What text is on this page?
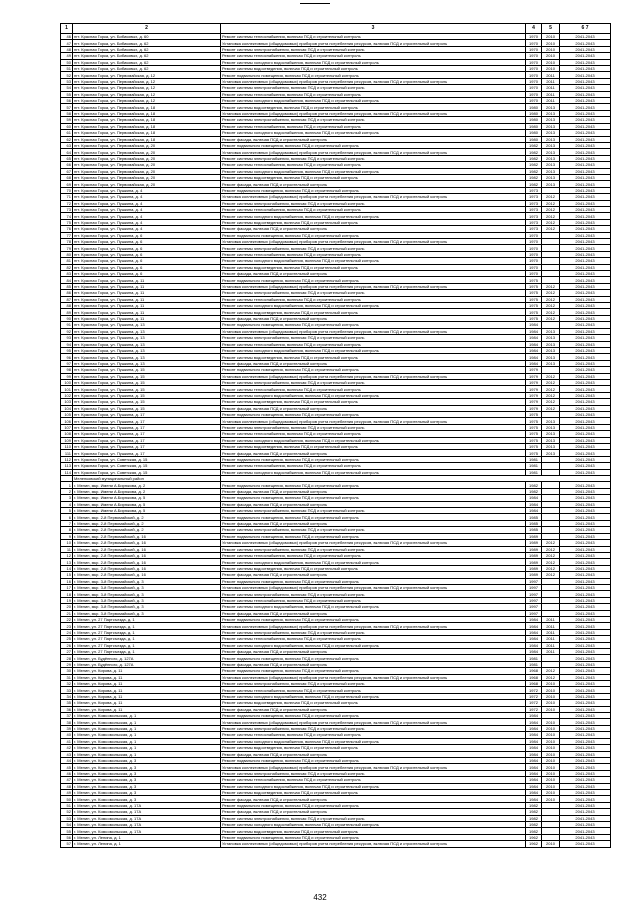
1	2	3	4	5	6 7
46	пгт. Красная Горка, ул. Бибиковых, д. 60	Ремонт системы теплоснабжения, включая ПСД и строительный контроль	1970	2010	2041-2043
47	пгт. Красная Горка, ул. Бибиковых, д. 62	Установка коллективных (общедомовых) приборов учета потребления ресурсов, включая ПСД и строительный контроль	1970	2010	2041-2043
48	пгт. Красная Горка, ул. Бибиковых, д. 62	Ремонт системы электроснабжения, включая ПСД и строительный контроль	1970	2010	2041-2043
49	пгт. Красная Горка, ул. Бибиковых, д. 62	Ремонт системы теплоснабжения, включая ПСД и строительный контроль	1970	2010	2041-2043
50	пгт. Красная Горка, ул. Бибиковых, д. 62	Ремонт системы холодного водоснабжения, включая ПСД и строительный контроль	1970	2010	2041-2043
51	пгт. Красная Горка, ул. Бибиковых, д. 62	Ремонт системы водоотведения, включая ПСД и строительный контроль	1970	2010	2041-2043
52	пгт. Красная Горка, ул. Первомайская, д. 12	Ремонт подвального помещения, включая ПСД и строительный контроль	1970	2011	2041-2043
53	пгт. Красная Горка, ул. Первомайская, д. 12	Установка коллективных (общедомовых) приборов учета потребления ресурсов, включая ПСД и строительный контроль	1970	2011	2041-2043
54	пгт. Красная Горка, ул. Первомайская, д. 12	Ремонт системы электроснабжения, включая ПСД и строительный контроль	1970	2011	2041-2043
55	пгт. Красная Горка, ул. Первомайская, д. 12	Ремонт системы теплоснабжения, включая ПСД и строительный контроль	1970	2011	2041-2043
56	пгт. Красная Горка, ул. Первомайская, д. 12	Ремонт системы холодного водоснабжения, включая ПСД и строительный контроль	1970	2011	2041-2043
57	пгт. Красная Горка, ул. Первомайская, д. 18	Ремонт системы водоотведения, включая ПСД и строительный контроль	1980	2013	2041-2043
58	пгт. Красная Горка, ул. Первомайская, д. 18	Установка коллективных (общедомовых) приборов учета потребления ресурсов, включая ПСД и строительный контроль	1980	2013	2041-2043
59	пгт. Красная Горка, ул. Первомайская, д. 18	Ремонт системы электроснабжения, включая ПСД и строительный контроль	1980	2013	2041-2043
60	пгт. Красная Горка, ул. Первомайская, д. 18	Ремонт системы теплоснабжения, включая ПСД и строительный контроль	1980	2013	2041-2043
61	пгт. Красная Горка, ул. Первомайская, д. 18	Ремонт системы холодного водоснабжения, включая ПСД и строительный контроль	1980	2013	2041-2043
62	пгт. Красная Горка, ул. Первомайская, д. 18	Ремонт фасада, включая ПСД и строительный контроль	1980	2013	2041-2043
63	пгт. Красная Горка, ул. Первомайская, д. 20	Ремонт подвального помещения, включая ПСД и строительный контроль	1982	2013	2041-2043
64	пгт. Красная Горка, ул. Первомайская, д. 20	Установка коллективных (общедомовых) приборов учета потребления ресурсов, включая ПСД и строительный контроль	1982	2013	2041-2043
65	пгт. Красная Горка, ул. Первомайская, д. 20	Ремонт системы электроснабжения, включая ПСД и строительный контроль	1982	2013	2041-2043
66	пгт. Красная Горка, ул. Первомайская, д. 20	Ремонт системы теплоснабжения, включая ПСД и строительный контроль	1982	2013	2041-2043
67	пгт. Красная Горка, ул. Первомайская, д. 20	Ремонт системы холодного водоснабжения, включая ПСД и строительный контроль	1982	2013	2041-2043
68	пгт. Красная Горка, ул. Первомайская, д. 20	Ремонт системы водоотведения, включая ПСД и строительный контроль	1982	2013	2041-2043
69	пгт. Красная Горка, ул. Первомайская, д. 20	Ремонт фасада, включая ПСД и строительный контроль	1982	2013	2041-2043
70	пгт. Красная Горка, ул. Пушкина, д. 4	Ремонт подвального помещения, включая ПСД и строительный контроль	1973		2041-2043
71	пгт. Красная Горка, ул. Пушкина, д. 4	Установка коллективных (общедомовых) приборов учета потребления ресурсов, включая ПСД и строительный контроль	1973	2012	2041-2043
72	пгт. Красная Горка, ул. Пушкина, д. 4	Ремонт системы электроснабжения, включая ПСД и строительный контроль	1973	2012	2041-2043
73	пгт. Красная Горка, ул. Пушкина, д. 4	Ремонт системы теплоснабжения, включая ПСД и строительный контроль	1973	2012	2041-2043
74	пгт. Красная Горка, ул. Пушкина, д. 4	Ремонт системы холодного водоснабжения, включая ПСД и строительный контроль	1973	2012	2041-2043
75	пгт. Красная Горка, ул. Пушкина, д. 4	Ремонт системы водоотведения, включая ПСД и строительный контроль	1973	2012	2041-2043
76	пгт. Красная Горка, ул. Пушкина, д. 4	Ремонт фасада, включая ПСД и строительный контроль	1973	2012	2041-2043
77	пгт. Красная Горка, ул. Пушкина, д. 6	Ремонт подвального помещения, включая ПСД и строительный контроль	1970		2041-2043
78	пгт. Красная Горка, ул. Пушкина, д. 6	Установка коллективных (общедомовых) приборов учета потребления ресурсов, включая ПСД и строительный контроль	1970		2041-2043
79	пгт. Красная Горка, ул. Пушкина, д. 6	Ремонт системы электроснабжения, включая ПСД и строительный контроль	1970		2041-2043
80	пгт. Красная Горка, ул. Пушкина, д. 6	Ремонт системы теплоснабжения, включая ПСД и строительный контроль	1970		2041-2043
81	пгт. Красная Горка, ул. Пушкина, д. 6	Ремонт системы холодного водоснабжения, включая ПСД и строительный контроль	1970		2041-2043
82	пгт. Красная Горка, ул. Пушкина, д. 6	Ремонт системы водоотведения, включая ПСД и строительный контроль	1970		2041-2043
83	пгт. Красная Горка, ул. Пушкина, д. 6	Ремонт фасада, включая ПСД и строительный контроль	1970		2041-2043
84	пгт. Красная Горка, ул. Пушкина, д. 11	Ремонт подвального помещения, включая ПСД и строительный контроль	1975		2041-2043
85	пгт. Красная Горка, ул. Пушкина, д. 11	Установка коллективных (общедомовых) приборов учета потребления ресурсов, включая ПСД и строительный контроль	1975	2012	2041-2043
86	пгт. Красная Горка, ул. Пушкина, д. 11	Ремонт системы электроснабжения, включая ПСД и строительный контроль	1975	2012	2041-2043
87	пгт. Красная Горка, ул. Пушкина, д. 11	Ремонт системы теплоснабжения, включая ПСД и строительный контроль	1975	2012	2041-2043
88	пгт. Красная Горка, ул. Пушкина, д. 11	Ремонт системы холодного водоснабжения, включая ПСД и строительный контроль	1975	2012	2041-2043
89	пгт. Красная Горка, ул. Пушкина, д. 11	Ремонт системы водоотведения, включая ПСД и строительный контроль	1975	2012	2041-2043
90	пгт. Красная Горка, ул. Пушкина, д. 11	Ремонт фасада, включая ПСД и строительный контроль	1975	2012	2041-2043
91	пгт. Красная Горка, ул. Пушкина, д. 13	Ремонт подвального помещения, включая ПСД и строительный контроль	1984		2041-2043
92	пгт. Красная Горка, ул. Пушкина, д. 13	Установка коллективных (общедомовых) приборов учета потребления ресурсов, включая ПСД и строительный контроль	1984	2013	2041-2043
93	пгт. Красная Горка, ул. Пушкина, д. 13	Ремонт системы электроснабжения, включая ПСД и строительный контроль	1984	2013	2041-2043
94	пгт. Красная Горка, ул. Пушкина, д. 13	Ремонт системы теплоснабжения, включая ПСД и строительный контроль	1984	2013	2041-2043
95	пгт. Красная Горка, ул. Пушкина, д. 13	Ремонт системы холодного водоснабжения, включая ПСД и строительный контроль	1984	2013	2041-2043
96	пгт. Красная Горка, ул. Пушкина, д. 13	Ремонт системы водоотведения, включая ПСД и строительный контроль	1984	2013	2041-2043
97	пгт. Красная Горка, ул. Пушкина, д. 13	Ремонт фасада, включая ПСД и строительный контроль	1984	2013	2041-2043
98	пгт. Красная Горка, ул. Пушкина, д. 15	Ремонт подвального помещения, включая ПСД и строительный контроль	1979		2041-2043
99	пгт. Красная Горка, ул. Пушкина, д. 15	Установка коллективных (общедомовых) приборов учета потребления ресурсов, включая ПСД и строительный контроль	1979	2012	2041-2043
100	пгт. Красная Горка, ул. Пушкина, д. 15	Ремонт системы электроснабжения, включая ПСД и строительный контроль	1979	2012	2041-2043
101	пгт. Красная Горка, ул. Пушкина, д. 15	Ремонт системы теплоснабжения, включая ПСД и строительный контроль	1979	2012	2041-2043
102	пгт. Красная Горка, ул. Пушкина, д. 15	Ремонт системы холодного водоснабжения, включая ПСД и строительный контроль	1979	2012	2041-2043
103	пгт. Красная Горка, ул. Пушкина, д. 15	Ремонт системы водоотведения, включая ПСД и строительный контроль	1979	2012	2041-2043
104	пгт. Красная Горка, ул. Пушкина, д. 15	Ремонт фасада, включая ПСД и строительный контроль	1979	2012	2041-2043
105	пгт. Красная Горка, ул. Пушкина, д. 17	Ремонт подвального помещения, включая ПСД и строительный контроль	1975		2041-2043
106	пгт. Красная Горка, ул. Пушкина, д. 17	Установка коллективных (общедомовых) приборов учета потребления ресурсов, включая ПСД и строительный контроль	1975	2013	2041-2043
107	пгт. Красная Горка, ул. Пушкина, д. 17	Ремонт системы электроснабжения, включая ПСД и строительный контроль	1975	2013	2041-2043
108	пгт. Красная Горка, ул. Пушкина, д. 17	Ремонт системы теплоснабжения, включая ПСД и строительный контроль	1975	2013	2041-2043
109	пгт. Красная Горка, ул. Пушкина, д. 17	Ремонт системы холодного водоснабжения, включая ПСД и строительный контроль	1975	2013	2041-2043
110	пгт. Красная Горка, ул. Пушкина, д. 17	Ремонт системы водоотведения, включая ПСД и строительный контроль	1975	2013	2041-2043
111	пгт. Красная Горка, ул. Пушкина, д. 17	Ремонт фасада, включая ПСД и строительный контроль	1975	2013	2041-2043
112	пгт. Красная Горка, ул. Советская, д. 15	Ремонт подвального помещения, включая ПСД и строительный контроль	1981		2041-2043
113	пгт. Красная Горка, ул. Советская, д. 15	Ремонт системы теплоснабжения, включая ПСД и строительный контроль	1981		2041-2043
114	пгт. Красная Горка, ул. Советская, д. 15	Ремонт системы холодного водоснабжения, включая ПСД и строительный контроль	1981		2041-2043
	Меленковский муниципальный район				
1	г. Мелин, мкр. Имени А.Бирюкова, д. 2	Ремонт подвального помещения, включая ПСД и строительный контроль	1982		2041-2043
2	г. Мелин, мкр. Имени А.Бирюкова, д. 2	Ремонт фасада, включая ПСД и строительный контроль	1982		2041-2043
3	г. Мелин, мкр. Имени А.Бирюкова, д. 5	Ремонт подвального помещения, включая ПСД и строительный контроль	1984		2041-2043
4	г. Мелин, мкр. Имени А.Бирюкова, д. 5	Ремонт фасада, включая ПСД и строительный контроль	1984		2041-2043
5	г. Мелин, мкр. Имени А.Бирюкова, д. 5	Ремонт системы электроснабжения, включая ПСД и строительный контроль	1984		2041-2043
6	г. Мелин, мкр. 2-й Первомайский, д. 2	Ремонт подвального помещения, включая ПСД и строительный контроль	1985		2041-2043
7	г. Мелин, мкр. 2-й Первомайский, д. 2	Ремонт фасада, включая ПСД и строительный контроль	1985		2041-2043
8	г. Мелин, мкр. 2-й Первомайский, д. 2	Ремонт системы электроснабжения, включая ПСД и строительный контроль	1985		2041-2043
9	г. Мелин, мкр. 2-й Первомайский, д. 16	Ремонт подвального помещения, включая ПСД и строительный контроль	1989		2041-2043
10	г. Мелин, мкр. 2-й Первомайский, д. 16	Установка коллективных (общедомовых) приборов учета потребления ресурсов, включая ПСД и строительный контроль	1989	2012	2041-2043
11	г. Мелин, мкр. 2-й Первомайский, д. 16	Ремонт системы электроснабжения, включая ПСД и строительный контроль	1989	2012	2041-2043
12	г. Мелин, мкр. 2-й Первомайский, д. 16	Ремонт системы теплоснабжения, включая ПСД и строительный контроль	1989	2012	2041-2043
13	г. Мелин, мкр. 2-й Первомайский, д. 16	Ремонт системы холодного водоснабжения, включая ПСД и строительный контроль	1989	2012	2041-2043
14	г. Мелин, мкр. 2-й Первомайский, д. 16	Ремонт системы водоотведения, включая ПСД и строительный контроль	1989	2012	2041-2043
15	г. Мелин, мкр. 2-й Первомайский, д. 16	Ремонт фасада, включая ПСД и строительный контроль	1989	2012	2041-2043
16	г. Мелин, мкр. 3-й Первомайский, д. 3	Ремонт подвального помещения, включая ПСД и строительный контроль	1997		2041-2043
17	г. Мелин, мкр. 3-й Первомайский, д. 3	Установка коллективных (общедомовых) приборов учета потребления ресурсов, включая ПСД и строительный контроль	1997		2041-2043
18	г. Мелин, мкр. 3-й Первомайский, д. 3	Ремонт системы электроснабжения, включая ПСД и строительный контроль	1997		2041-2043
19	г. Мелин, мкр. 3-й Первомайский, д. 3	Ремонт системы теплоснабжения, включая ПСД и строительный контроль	1997		2041-2043
20	г. Мелин, мкр. 3-й Первомайский, д. 3	Ремонт системы холодного водоснабжения, включая ПСД и строительный контроль	1997		2041-2043
21	г. Мелин, мкр. 3-й Первомайский, д. 3	Ремонт фасада, включая ПСД и строительный контроль	1997		2041-2043
22	г. Мелин, ул. 27 Партсъезда, д. 1	Ремонт подвального помещения, включая ПСД и строительный контроль	1984	2011	2041-2043
23	г. Мелин, ул. 27 Партсъезда, д. 1	Установка коллективных (общедомовых) приборов учета потребления ресурсов, включая ПСД и строительный контроль	1984	2011	2041-2043
24	г. Мелин, ул. 27 Партсъезда, д. 1	Ремонт системы электроснабжения, включая ПСД и строительный контроль	1984	2011	2041-2043
25	г. Мелин, ул. 27 Партсъезда, д. 1	Ремонт системы теплоснабжения, включая ПСД и строительный контроль	1984	2011	2041-2043
26	г. Мелин, ул. 27 Партсъезда, д. 1	Ремонт системы холодного водоснабжения, включая ПСД и строительный контроль	1984	2011	2041-2043
27	г. Мелин, ул. 27 Партсъезда, д. 1	Ремонт фасада, включая ПСД и строительный контроль	1984	2011	2041-2043
28	г. Мелин, ул. Будённого, д. 127А	Ремонт подвального помещения, включая ПСД и строительный контроль	1981		2041-2043
29	г. Мелин, ул. Будённого, д. 127А	Ремонт фасада, включая ПСД и строительный контроль	1981		2041-2043
30	г. Мелин, ул. Кирова, д. 11	Ремонт подвального помещения, включая ПСД и строительный контроль	1968	2012	2041-2043
31	г. Мелин, ул. Кирова, д. 11	Установка коллективных (общедомовых) приборов учета потребления ресурсов, включая ПСД и строительный контроль	1968	2012	2041-2043
32	г. Мелин, ул. Кирова, д. 11	Ремонт системы электроснабжения, включая ПСД и строительный контроль	1968	2010	2041-2043
33	г. Мелин, ул. Кирова, д. 11	Ремонт системы теплоснабжения, включая ПСД и строительный контроль	1972	2010	2041-2043
34	г. Мелин, ул. Кирова, д. 11	Ремонт системы холодного водоснабжения, включая ПСД и строительный контроль	1972	2010	2041-2043
35	г. Мелин, ул. Кирова, д. 11	Ремонт системы водоотведения, включая ПСД и строительный контроль	1972	2010	2041-2043
36	г. Мелин, ул. Кирова, д. 11	Ремонт фасада, включая ПСД и строительный контроль	1972	2010	2041-2043
37	г. Мелин, ул. Комсомольская, д. 1	Ремонт подвального помещения, включая ПСД и строительный контроль	1984		2041-2043
38	г. Мелин, ул. Комсомольская, д. 1	Установка коллективных (общедомовых) приборов учета потребления ресурсов, включая ПСД и строительный контроль	1984	2010	2041-2043
39	г. Мелин, ул. Комсомольская, д. 1	Ремонт системы электроснабжения, включая ПСД и строительный контроль	1984	2010	2041-2043
40	г. Мелин, ул. Комсомольская, д. 1	Ремонт системы теплоснабжения, включая ПСД и строительный контроль	1984	2010	2041-2043
41	г. Мелин, ул. Комсомольская, д. 1	Ремонт системы холодного водоснабжения, включая ПСД и строительный контроль	1984	2010	2041-2043
42	г. Мелин, ул. Комсомольская, д. 1	Ремонт системы водоотведения, включая ПСД и строительный контроль	1984	2010	2041-2043
43	г. Мелин, ул. Комсомольская, д. 1	Ремонт фасада, включая ПСД и строительный контроль	1984	2010	2041-2043
44	г. Мелин, ул. Комсомольская, д. 3	Ремонт подвального помещения, включая ПСД и строительный контроль	1984	2010	2041-2043
45	г. Мелин, ул. Комсомольская, д. 3	Установка коллективных (общедомовых) приборов учета потребления ресурсов, включая ПСД и строительный контроль	1984	2010	2041-2043
46	г. Мелин, ул. Комсомольская, д. 3	Ремонт системы электроснабжения, включая ПСД и строительный контроль	1984	2010	2041-2043
47	г. Мелин, ул. Комсомольская, д. 3	Ремонт системы теплоснабжения, включая ПСД и строительный контроль	1984	2010	2041-2043
48	г. Мелин, ул. Комсомольская, д. 3	Ремонт системы холодного водоснабжения, включая ПСД и строительный контроль	1984	2010	2041-2043
49	г. Мелин, ул. Комсомольская, д. 3	Ремонт системы водоотведения, включая ПСД и строительный контроль	1984	2010	2041-2043
50	г. Мелин, ул. Комсомольская, д. 3	Ремонт фасада, включая ПСД и строительный контроль	1984	2010	2041-2043
51	г. Мелин, ул. Комсомольская, д. 17А	Ремонт подвального помещения, включая ПСД и строительный контроль	1982		2041-2043
52	г. Мелин, ул. Комсомольская, д. 17А	Ремонт фасада, включая ПСД и строительный контроль	1982		2041-2043
53	г. Мелин, ул. Комсомольская, д. 17А	Ремонт системы электроснабжения, включая ПСД и строительный контроль	1982		2041-2043
54	г. Мелин, ул. Комсомольская, д. 17А	Ремонт системы холодного водоснабжения, включая ПСД и строительный контроль	1982		2041-2043
55	г. Мелин, ул. Комсомольская, д. 17А	Ремонт системы водоотведения, включая ПСД и строительный контроль	1982		2041-2043
56	г. Мелин, ул. Ленина, д. 1	Ремонт подвального помещения, включая ПСД и строительный контроль	1962		2041-2043
57	г. Мелин, ул. Ленина, д. 1	Установка коллективных (общедомовых) приборов учета потребления ресурсов, включая ПСД и строительный контроль	1962	2010	2041-2043
432
